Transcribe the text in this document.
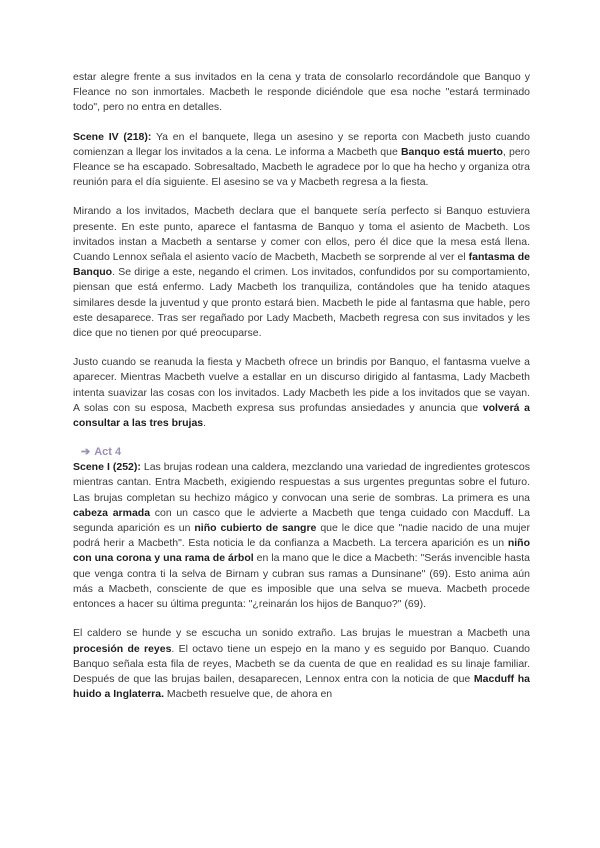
estar alegre frente a sus invitados en la cena y trata de consolarlo recordándole que Banquo y Fleance no son inmortales. Macbeth le responde diciéndole que esa noche "estará terminado todo", pero no entra en detalles.

Scene IV (218): Ya en el banquete, llega un asesino y se reporta con Macbeth justo cuando comienzan a llegar los invitados a la cena. Le informa a Macbeth que Banquo está muerto, pero Fleance se ha escapado. Sobresaltado, Macbeth le agradece por lo que ha hecho y organiza otra reunión para el día siguiente. El asesino se va y Macbeth regresa a la fiesta.

Mirando a los invitados, Macbeth declara que el banquete sería perfecto si Banquo estuviera presente. En este punto, aparece el fantasma de Banquo y toma el asiento de Macbeth. Los invitados instan a Macbeth a sentarse y comer con ellos, pero él dice que la mesa está llena. Cuando Lennox señala el asiento vacío de Macbeth, Macbeth se sorprende al ver el fantasma de Banquo. Se dirige a este, negando el crimen. Los invitados, confundidos por su comportamiento, piensan que está enfermo. Lady Macbeth los tranquiliza, contándoles que ha tenido ataques similares desde la juventud y que pronto estará bien. Macbeth le pide al fantasma que hable, pero este desaparece. Tras ser regañado por Lady Macbeth, Macbeth regresa con sus invitados y les dice que no tienen por qué preocuparse.

Justo cuando se reanuda la fiesta y Macbeth ofrece un brindis por Banquo, el fantasma vuelve a aparecer. Mientras Macbeth vuelve a estallar en un discurso dirigido al fantasma, Lady Macbeth intenta suavizar las cosas con los invitados. Lady Macbeth les pide a los invitados que se vayan. A solas con su esposa, Macbeth expresa sus profundas ansiedades y anuncia que volverá a consultar a las tres brujas.

➔ Act 4

Scene I (252): Las brujas rodean una caldera, mezclando una variedad de ingredientes grotescos mientras cantan. Entra Macbeth, exigiendo respuestas a sus urgentes preguntas sobre el futuro. Las brujas completan su hechizo mágico y convocan una serie de sombras. La primera es una cabeza armada con un casco que le advierte a Macbeth que tenga cuidado con Macduff. La segunda aparición es un niño cubierto de sangre que le dice que "nadie nacido de una mujer podrá herir a Macbeth". Esta noticia le da confianza a Macbeth. La tercera aparición es un niño con una corona y una rama de árbol en la mano que le dice a Macbeth: "Serás invencible hasta que venga contra ti la selva de Birnam y cubran sus ramas a Dunsinane" (69). Esto anima aún más a Macbeth, consciente de que es imposible que una selva se mueva. Macbeth procede entonces a hacer su última pregunta: "¿reinarán los hijos de Banquo?" (69).

El caldero se hunde y se escucha un sonido extraño. Las brujas le muestran a Macbeth una procesión de reyes. El octavo tiene un espejo en la mano y es seguido por Banquo. Cuando Banquo señala esta fila de reyes, Macbeth se da cuenta de que en realidad es su linaje familiar. Después de que las brujas bailen, desaparecen, Lennox entra con la noticia de que Macduff ha huido a Inglaterra. Macbeth resuelve que, de ahora en
